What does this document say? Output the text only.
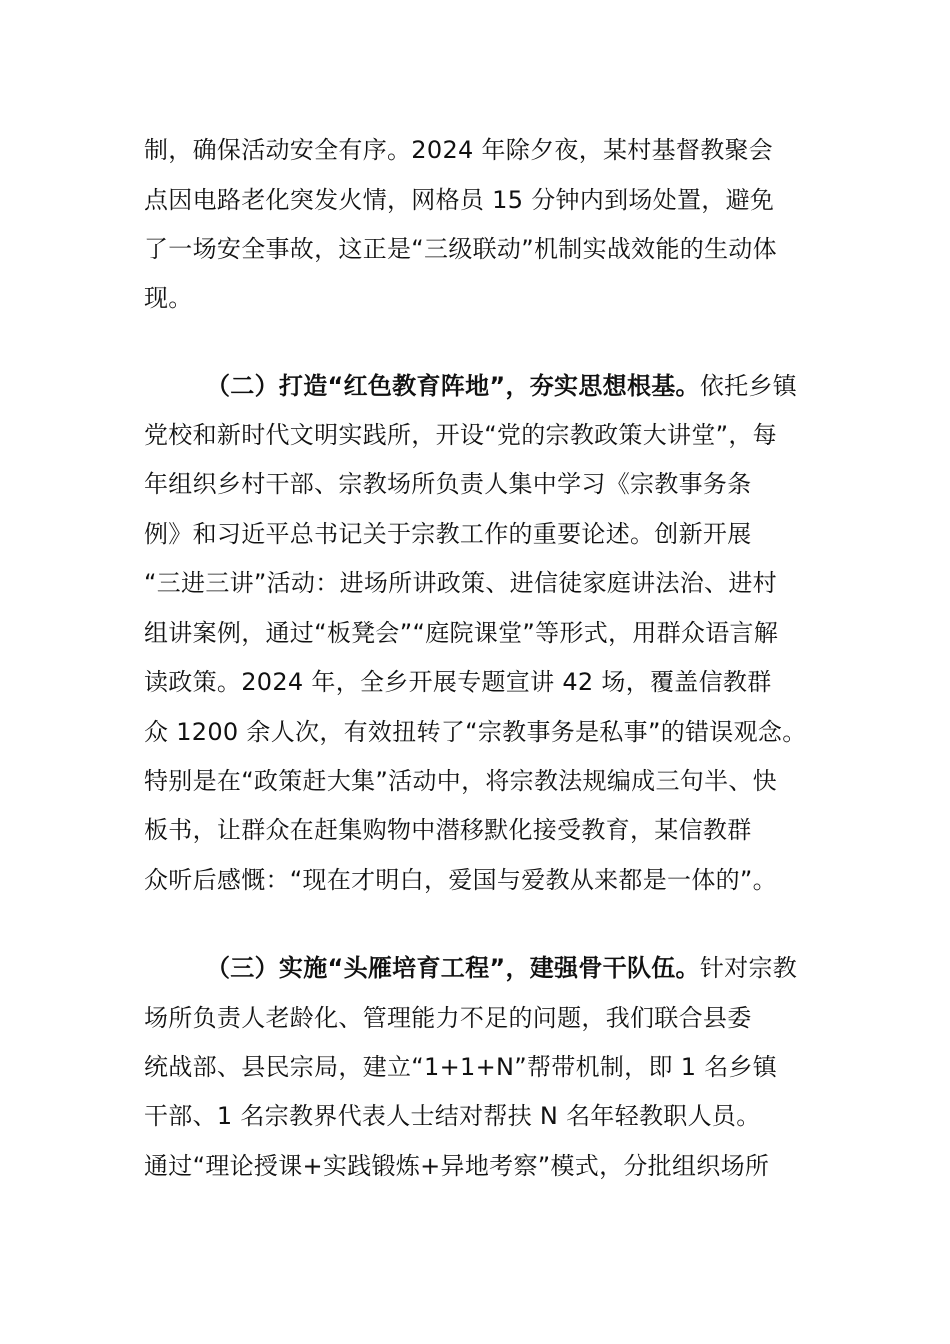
制，确保活动安全有序。2024 年除夕夜，某村基督教聚会
点因电路老化突发火情，网格员 15 分钟内到场处置，避免
了一场安全事故，这正是“三级联动”机制实战效能的生动体
现。
（二）打造“红色教育阵地”，夯实思想根基。依托乡镇
党校和新时代文明实践所，开设“党的宗教政策大讲堂”，每
年组织乡村干部、宗教场所负责人集中学习《宗教事务条
例》和习近平总书记关于宗教工作的重要论述。创新开展
“三进三讲”活动：进场所讲政策、进信徒家庭讲法治、进村
组讲案例，通过“板凳会”“庭院课堂”等形式，用群众语言解
读政策。2024 年，全乡开展专题宣讲 42 场，覆盖信教群
众 1200 余人次，有效扭转了“宗教事务是私事”的错误观念。
特别是在“政策赶大集”活动中，将宗教法规编成三句半、快
板书，让群众在赶集购物中潜移默化接受教育，某信教群
众听后感慨：“现在才明白，爱国与爱教从来都是一体的”。
（三）实施“头雁培育工程”，建强骨干队伍。针对宗教
场所负责人老龄化、管理能力不足的问题，我们联合县委
统战部、县民宗局，建立“1+1+N”帮带机制，即 1 名乡镇
干部、1 名宗教界代表人士结对帮扶 N 名年轻教职人员。
通过“理论授课+实践锻炼+异地考察”模式，分批组织场所
